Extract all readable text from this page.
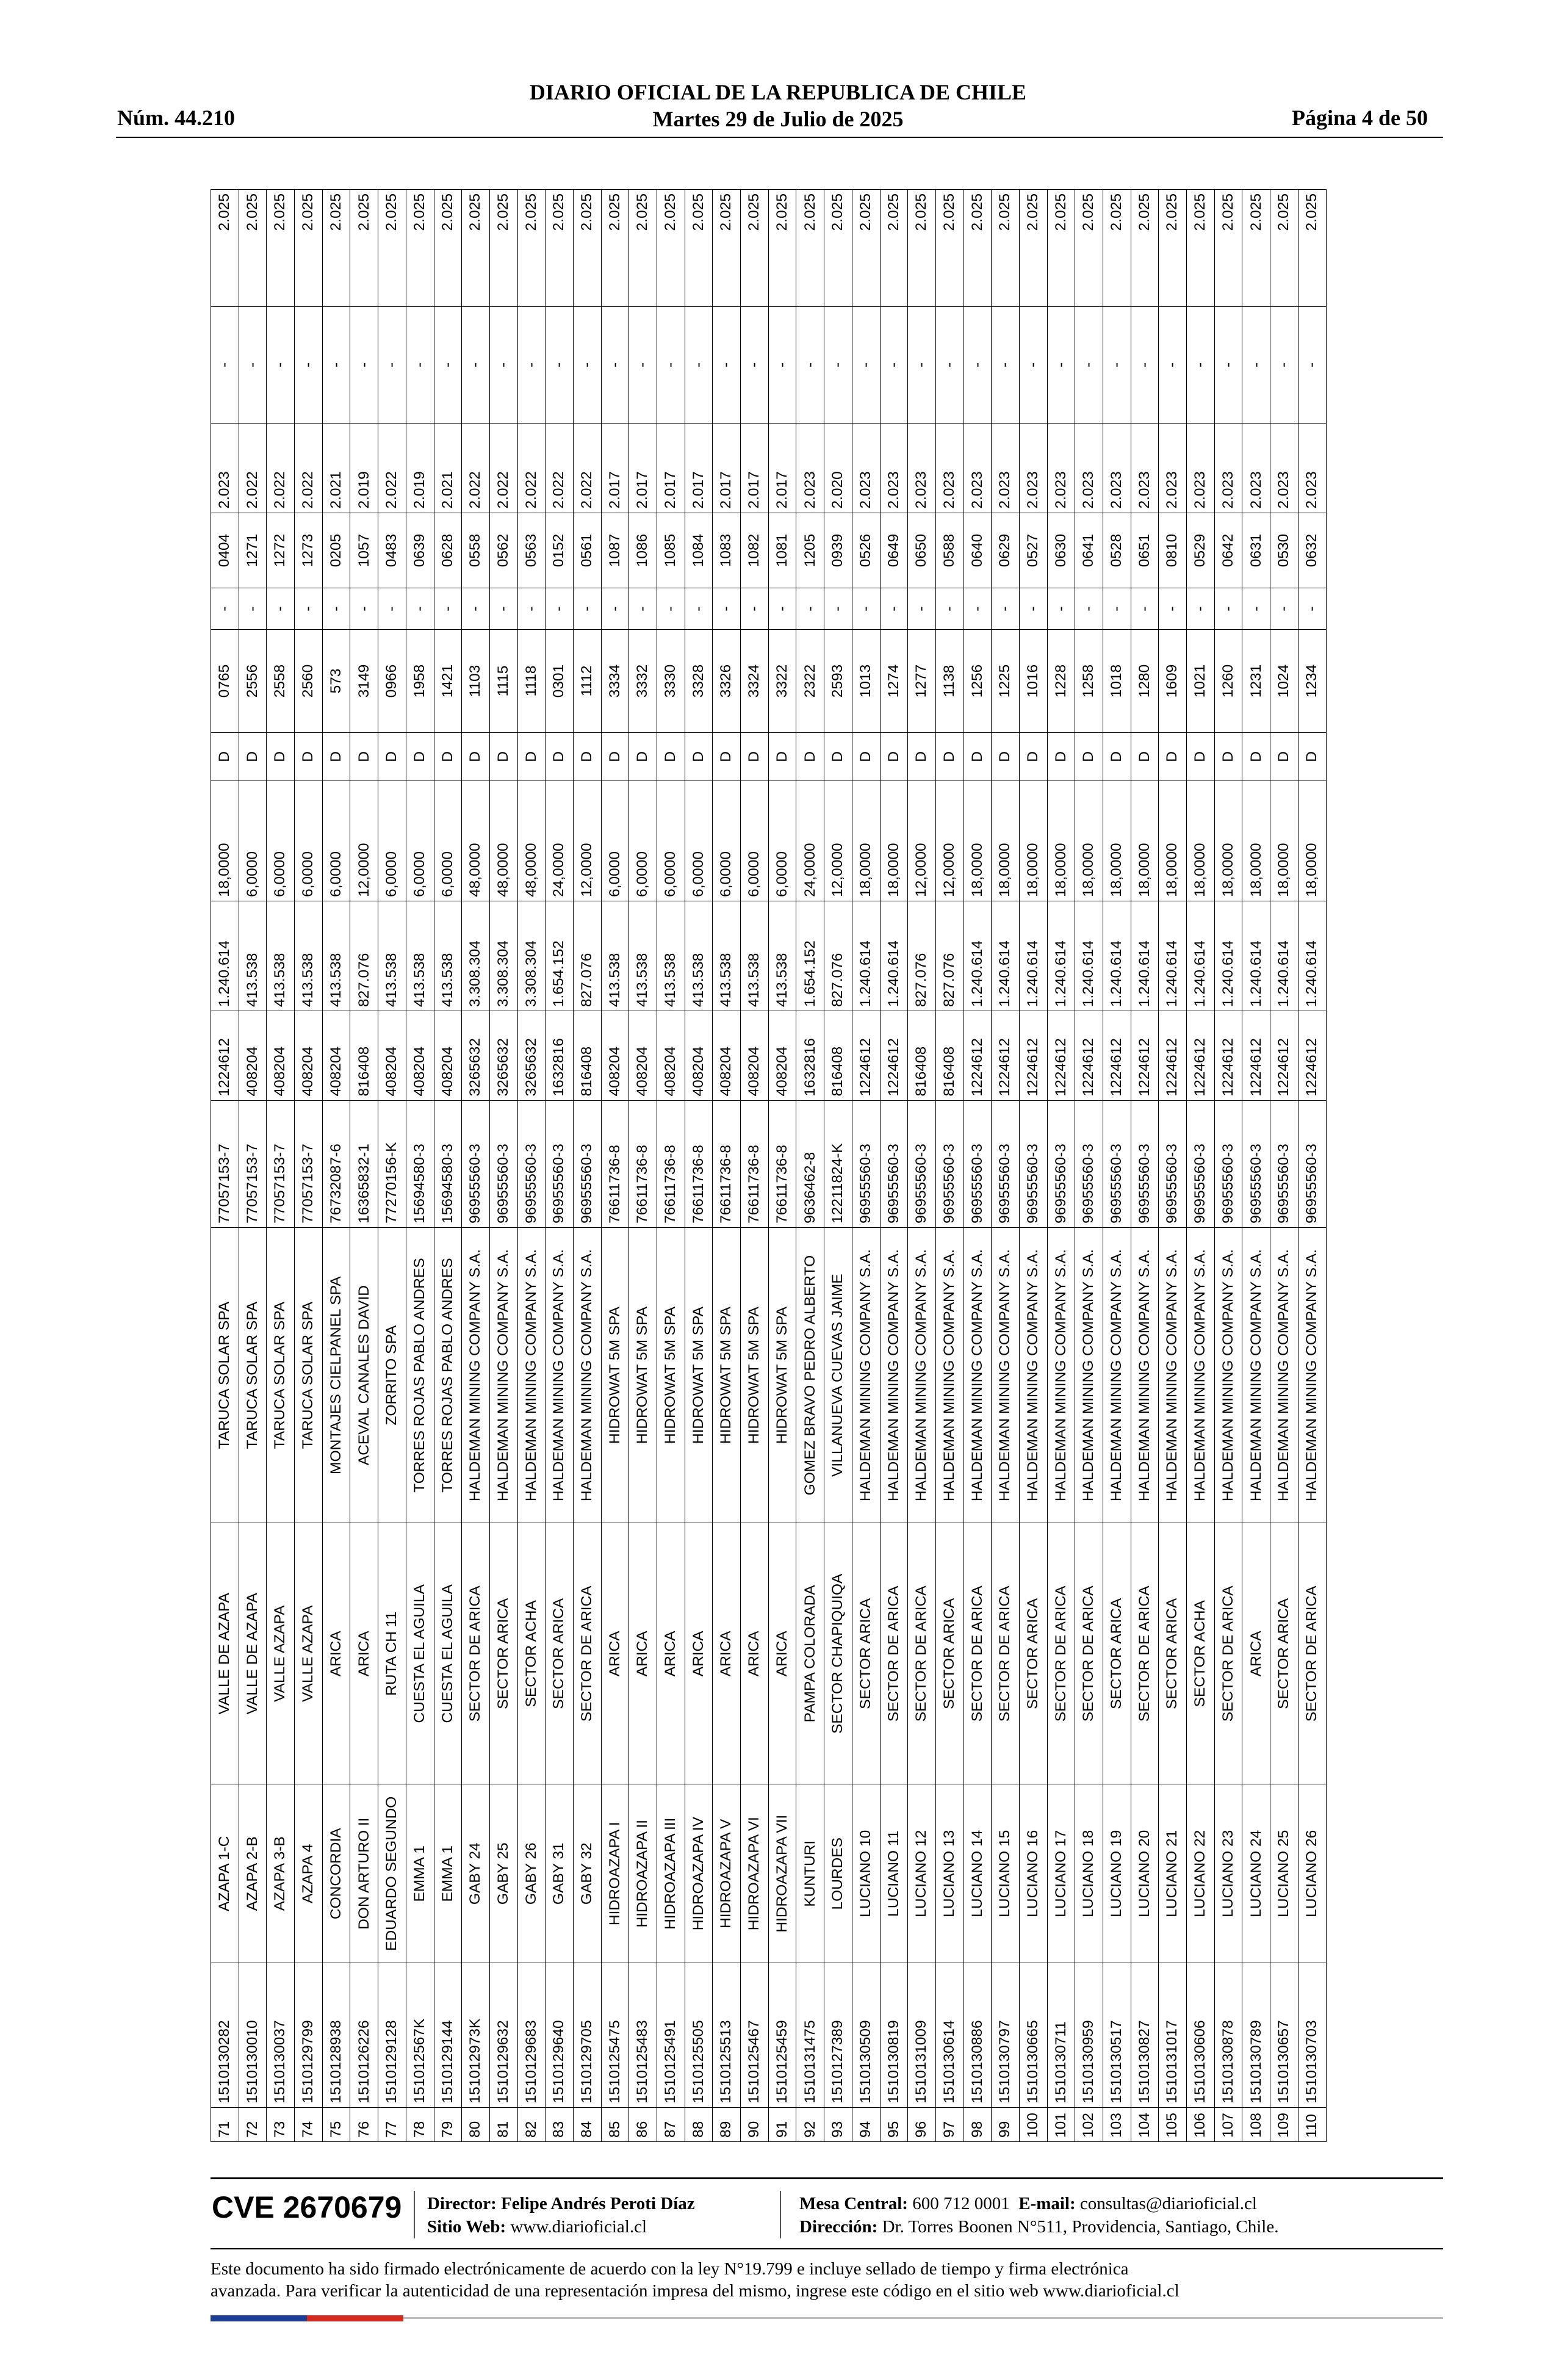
DIARIO OFICIAL DE LA REPUBLICA DE CHILE
Martes 29 de Julio de 2025
Núm. 44.210	Página 4 de 50
71	1510130282	AZAPA 1-C	VALLE DE AZAPA	TARUCA SOLAR SPA	77057153-7	1224612	1.240.614	18,0000	D	0765	-	0404	2.023	-	2.025
72	1510130010	AZAPA 2-B	VALLE DE AZAPA	TARUCA SOLAR SPA	77057153-7	408204	413.538	6,0000	D	2556	-	1271	2.022	-	2.025
73	1510130037	AZAPA 3-B	VALLE AZAPA	TARUCA SOLAR SPA	77057153-7	408204	413.538	6,0000	D	2558	-	1272	2.022	-	2.025
74	1510129799	AZAPA 4	VALLE AZAPA	TARUCA SOLAR SPA	77057153-7	408204	413.538	6,0000	D	2560	-	1273	2.022	-	2.025
75	1510128938	CONCORDIA	ARICA	MONTAJES CIELPANEL SPA	76732087-6	408204	413.538	6,0000	D	573	-	0205	2.021	-	2.025
76	1510126226	DON ARTURO II	ARICA	ACEVAL CANALES DAVID	16365832-1	816408	827.076	12,0000	D	3149	-	1057	2.019	-	2.025
77	1510129128	EDUARDO SEGUNDO	RUTA CH 11	ZORRITO SPA	77270156-K	408204	413.538	6,0000	D	0966	-	0483	2.022	-	2.025
78	151012567K	EMMA 1	CUESTA EL AGUILA	TORRES ROJAS PABLO ANDRES	15694580-3	408204	413.538	6,0000	D	1958	-	0639	2.019	-	2.025
79	1510129144	EMMA 1	CUESTA EL AGUILA	TORRES ROJAS PABLO ANDRES	15694580-3	408204	413.538	6,0000	D	1421	-	0628	2.021	-	2.025
80	151012973K	GABY 24	SECTOR DE ARICA	HALDEMAN MINING COMPANY S.A.	96955560-3	3265632	3.308.304	48,0000	D	1103	-	0558	2.022	-	2.025
81	1510129632	GABY 25	SECTOR ARICA	HALDEMAN MINING COMPANY S.A.	96955560-3	3265632	3.308.304	48,0000	D	1115	-	0562	2.022	-	2.025
82	1510129683	GABY 26	SECTOR ACHA	HALDEMAN MINING COMPANY S.A.	96955560-3	3265632	3.308.304	48,0000	D	1118	-	0563	2.022	-	2.025
83	1510129640	GABY 31	SECTOR ARICA	HALDEMAN MINING COMPANY S.A.	96955560-3	1632816	1.654.152	24,0000	D	0301	-	0152	2.022	-	2.025
84	1510129705	GABY 32	SECTOR DE ARICA	HALDEMAN MINING COMPANY S.A.	96955560-3	816408	827.076	12,0000	D	1112	-	0561	2.022	-	2.025
85	1510125475	HIDROAZAPA I	ARICA	HIDROWAT 5M SPA	76611736-8	408204	413.538	6,0000	D	3334	-	1087	2.017	-	2.025
86	1510125483	HIDROAZAPA II	ARICA	HIDROWAT 5M SPA	76611736-8	408204	413.538	6,0000	D	3332	-	1086	2.017	-	2.025
87	1510125491	HIDROAZAPA III	ARICA	HIDROWAT 5M SPA	76611736-8	408204	413.538	6,0000	D	3330	-	1085	2.017	-	2.025
88	1510125505	HIDROAZAPA IV	ARICA	HIDROWAT 5M SPA	76611736-8	408204	413.538	6,0000	D	3328	-	1084	2.017	-	2.025
89	1510125513	HIDROAZAPA V	ARICA	HIDROWAT 5M SPA	76611736-8	408204	413.538	6,0000	D	3326	-	1083	2.017	-	2.025
90	1510125467	HIDROAZAPA VI	ARICA	HIDROWAT 5M SPA	76611736-8	408204	413.538	6,0000	D	3324	-	1082	2.017	-	2.025
91	1510125459	HIDROAZAPA VII	ARICA	HIDROWAT 5M SPA	76611736-8	408204	413.538	6,0000	D	3322	-	1081	2.017	-	2.025
92	1510131475	KUNTURI	PAMPA COLORADA	GOMEZ BRAVO PEDRO ALBERTO	9636462-8	1632816	1.654.152	24,0000	D	2322	-	1205	2.023	-	2.025
93	1510127389	LOURDES	SECTOR CHAPIQUIQA	VILLANUEVA CUEVAS JAIME	12211824-K	816408	827.076	12,0000	D	2593	-	0939	2.020	-	2.025
94	1510130509	LUCIANO 10	SECTOR ARICA	HALDEMAN MINING COMPANY S.A.	96955560-3	1224612	1.240.614	18,0000	D	1013	-	0526	2.023	-	2.025
95	1510130819	LUCIANO 11	SECTOR DE ARICA	HALDEMAN MINING COMPANY S.A.	96955560-3	1224612	1.240.614	18,0000	D	1274	-	0649	2.023	-	2.025
96	1510131009	LUCIANO 12	SECTOR DE ARICA	HALDEMAN MINING COMPANY S.A.	96955560-3	816408	827.076	12,0000	D	1277	-	0650	2.023	-	2.025
97	1510130614	LUCIANO 13	SECTOR ARICA	HALDEMAN MINING COMPANY S.A.	96955560-3	816408	827.076	12,0000	D	1138	-	0588	2.023	-	2.025
98	1510130886	LUCIANO 14	SECTOR DE ARICA	HALDEMAN MINING COMPANY S.A.	96955560-3	1224612	1.240.614	18,0000	D	1256	-	0640	2.023	-	2.025
99	1510130797	LUCIANO 15	SECTOR DE ARICA	HALDEMAN MINING COMPANY S.A.	96955560-3	1224612	1.240.614	18,0000	D	1225	-	0629	2.023	-	2.025
100	1510130665	LUCIANO 16	SECTOR ARICA	HALDEMAN MINING COMPANY S.A.	96955560-3	1224612	1.240.614	18,0000	D	1016	-	0527	2.023	-	2.025
101	1510130711	LUCIANO 17	SECTOR DE ARICA	HALDEMAN MINING COMPANY S.A.	96955560-3	1224612	1.240.614	18,0000	D	1228	-	0630	2.023	-	2.025
102	1510130959	LUCIANO 18	SECTOR DE ARICA	HALDEMAN MINING COMPANY S.A.	96955560-3	1224612	1.240.614	18,0000	D	1258	-	0641	2.023	-	2.025
103	1510130517	LUCIANO 19	SECTOR ARICA	HALDEMAN MINING COMPANY S.A.	96955560-3	1224612	1.240.614	18,0000	D	1018	-	0528	2.023	-	2.025
104	1510130827	LUCIANO 20	SECTOR DE ARICA	HALDEMAN MINING COMPANY S.A.	96955560-3	1224612	1.240.614	18,0000	D	1280	-	0651	2.023	-	2.025
105	1510131017	LUCIANO 21	SECTOR ARICA	HALDEMAN MINING COMPANY S.A.	96955560-3	1224612	1.240.614	18,0000	D	1609	-	0810	2.023	-	2.025
106	1510130606	LUCIANO 22	SECTOR ACHA	HALDEMAN MINING COMPANY S.A.	96955560-3	1224612	1.240.614	18,0000	D	1021	-	0529	2.023	-	2.025
107	1510130878	LUCIANO 23	SECTOR DE ARICA	HALDEMAN MINING COMPANY S.A.	96955560-3	1224612	1.240.614	18,0000	D	1260	-	0642	2.023	-	2.025
108	1510130789	LUCIANO 24	ARICA	HALDEMAN MINING COMPANY S.A.	96955560-3	1224612	1.240.614	18,0000	D	1231	-	0631	2.023	-	2.025
109	1510130657	LUCIANO 25	SECTOR ARICA	HALDEMAN MINING COMPANY S.A.	96955560-3	1224612	1.240.614	18,0000	D	1024	-	0530	2.023	-	2.025
110	1510130703	LUCIANO 26	SECTOR DE ARICA	HALDEMAN MINING COMPANY S.A.	96955560-3	1224612	1.240.614	18,0000	D	1234	-	0632	2.023	-	2.025
CVE 2670679 Director: Felipe Andrés Peroti Díaz
Sitio Web: www.diarioficial.cl
Mesa Central: 600 712 0001 E-mail: consultas@diarioficial.cl
Dirección: Dr. Torres Boonen N°511, Providencia, Santiago, Chile.
Este documento ha sido firmado electrónicamente de acuerdo con la ley N°19.799 e incluye sellado de tiempo y firma electrónica
avanzada. Para verificar la autenticidad de una representación impresa del mismo, ingrese este código en el sitio web www.diarioficial.cl
